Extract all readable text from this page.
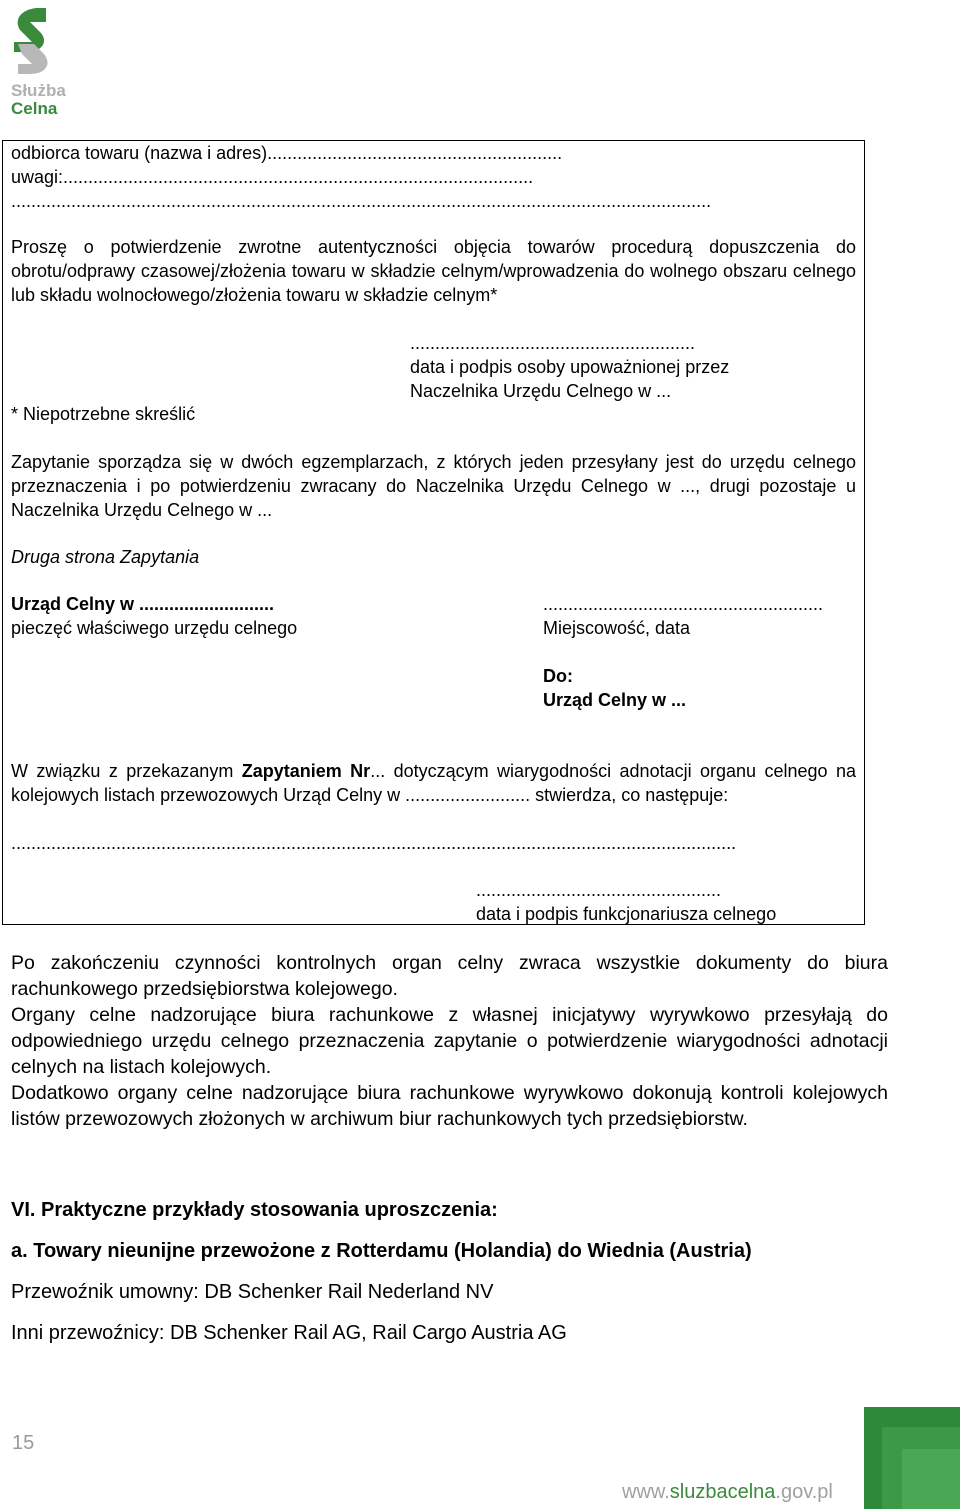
Służba
Celna
odbiorca towaru (nazwa i adres)...........................................................
uwagi:..............................................................................................
............................................................................................................................................
Proszę o potwierdzenie zwrotne autentyczności objęcia towarów procedurą dopuszczenia do obrotu/odprawy czasowej/złożenia towaru w składzie celnym/wprowadzenia do wolnego obszaru celnego lub składu wolnocłowego/złożenia towaru w składzie celnym*
.........................................................
data i podpis osoby upoważnionej przez
Naczelnika Urzędu Celnego w ...
* Niepotrzebne skreślić
Zapytanie sporządza się w dwóch egzemplarzach, z których jeden przesyłany jest do urzędu celnego przeznaczenia i po potwierdzeniu zwracany do Naczelnika Urzędu Celnego w ..., drugi pozostaje u Naczelnika Urzędu Celnego w ...
Druga strona Zapytania
Urząd Celny w ...........................
pieczęć właściwego urzędu celnego
........................................................
Miejscowość, data
Do:
Urząd Celny w ...
W związku z przekazanym Zapytaniem Nr... dotyczącym wiarygodności adnotacji organu celnego na kolejowych listach przewozowych Urząd Celny w ......................... stwierdza, co następuje:
.................................................................................................................................................
.................................................
data i podpis funkcjonariusza celnego
Po zakończeniu czynności kontrolnych organ celny zwraca wszystkie dokumenty do biura rachunkowego przedsiębiorstwa kolejowego.
Organy celne nadzorujące biura rachunkowe z własnej inicjatywy wyrywkowo przesyłają do odpowiedniego urzędu celnego przeznaczenia zapytanie o potwierdzenie wiarygodności adnotacji celnych na listach kolejowych.
Dodatkowo organy celne nadzorujące biura rachunkowe wyrywkowo dokonują kontroli kolejowych listów przewozowych złożonych w archiwum biur rachunkowych tych przedsiębiorstw.
VI. Praktyczne przykłady stosowania uproszczenia:
a. Towary nieunijne przewożone z Rotterdamu (Holandia) do Wiednia (Austria)
Przewoźnik umowny: DB Schenker Rail Nederland NV
Inni przewoźnicy: DB Schenker Rail AG, Rail Cargo Austria AG
15
www.sluzbacelna.gov.pl
